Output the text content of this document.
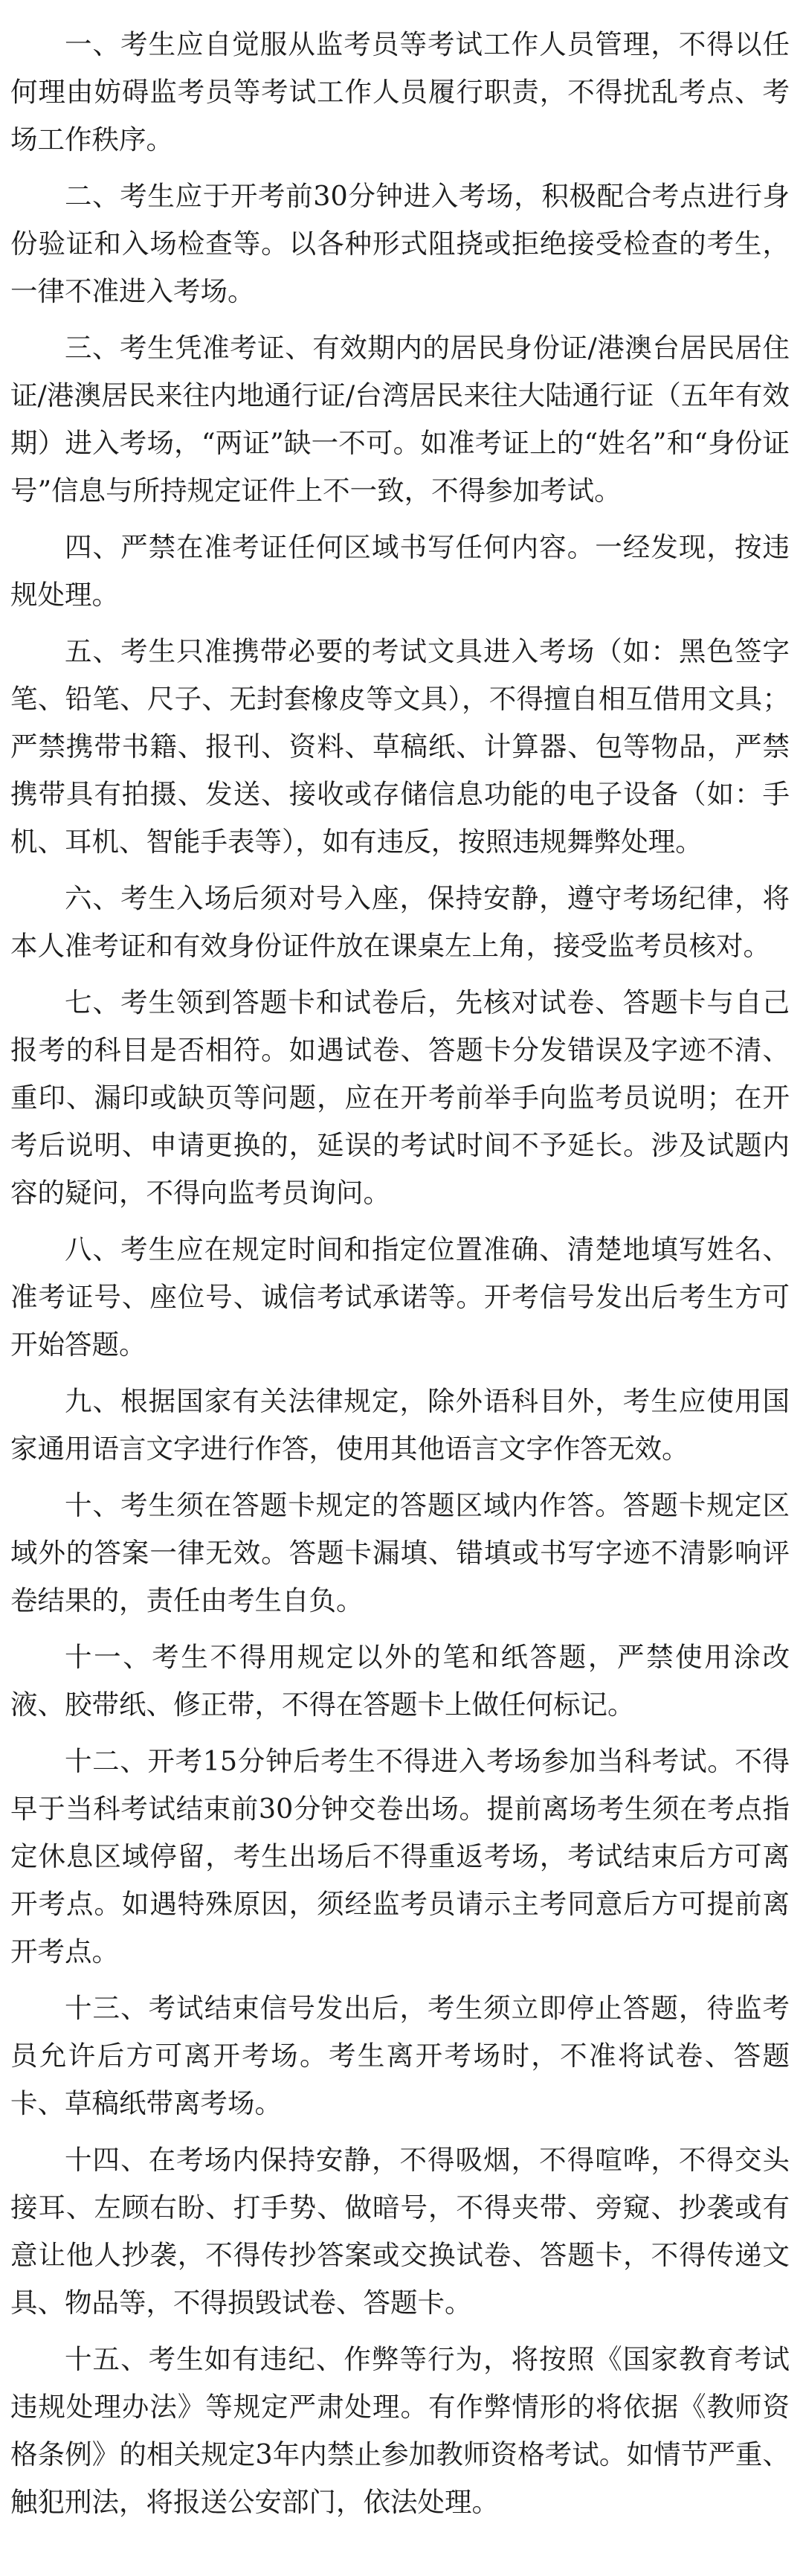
一、考生应自觉服从监考员等考试工作人员管理，不得以任何理由妨碍监考员等考试工作人员履行职责，不得扰乱考点、考场工作秩序。

二、考生应于开考前30分钟进入考场，积极配合考点进行身份验证和入场检查等。以各种形式阻挠或拒绝接受检查的考生，一律不准进入考场。

三、考生凭准考证、有效期内的居民身份证/港澳台居民居住证/港澳居民来往内地通行证/台湾居民来往大陆通行证（五年有效期）进入考场，“两证”缺一不可。如准考证上的“姓名”和“身份证号”信息与所持规定证件上不一致，不得参加考试。

四、严禁在准考证任何区域书写任何内容。一经发现，按违规处理。

五、考生只准携带必要的考试文具进入考场（如：黑色签字笔、铅笔、尺子、无封套橡皮等文具），不得擅自相互借用文具；严禁携带书籍、报刊、资料、草稿纸、计算器、包等物品，严禁携带具有拍摄、发送、接收或存储信息功能的电子设备（如：手机、耳机、智能手表等），如有违反，按照违规舞弊处理。

六、考生入场后须对号入座，保持安静，遵守考场纪律，将本人准考证和有效身份证件放在课桌左上角，接受监考员核对。

七、考生领到答题卡和试卷后，先核对试卷、答题卡与自己报考的科目是否相符。如遇试卷、答题卡分发错误及字迹不清、重印、漏印或缺页等问题，应在开考前举手向监考员说明；在开考后说明、申请更换的，延误的考试时间不予延长。涉及试题内容的疑问，不得向监考员询问。

八、考生应在规定时间和指定位置准确、清楚地填写姓名、准考证号、座位号、诚信考试承诺等。开考信号发出后考生方可开始答题。

九、根据国家有关法律规定，除外语科目外，考生应使用国家通用语言文字进行作答，使用其他语言文字作答无效。

十、考生须在答题卡规定的答题区域内作答。答题卡规定区域外的答案一律无效。答题卡漏填、错填或书写字迹不清影响评卷结果的，责任由考生自负。

十一、考生不得用规定以外的笔和纸答题，严禁使用涂改液、胶带纸、修正带，不得在答题卡上做任何标记。

十二、开考15分钟后考生不得进入考场参加当科考试。不得早于当科考试结束前30分钟交卷出场。提前离场考生须在考点指定休息区域停留，考生出场后不得重返考场，考试结束后方可离开考点。如遇特殊原因，须经监考员请示主考同意后方可提前离开考点。

十三、考试结束信号发出后，考生须立即停止答题，待监考员允许后方可离开考场。考生离开考场时，不准将试卷、答题卡、草稿纸带离考场。

十四、在考场内保持安静，不得吸烟，不得喧哗，不得交头接耳、左顾右盼、打手势、做暗号，不得夹带、旁窥、抄袭或有意让他人抄袭，不得传抄答案或交换试卷、答题卡，不得传递文具、物品等，不得损毁试卷、答题卡。

十五、考生如有违纪、作弊等行为，将按照《国家教育考试违规处理办法》等规定严肃处理。有作弊情形的将依据《教师资格条例》的相关规定3年内禁止参加教师资格考试。如情节严重、触犯刑法，将报送公安部门，依法处理。
